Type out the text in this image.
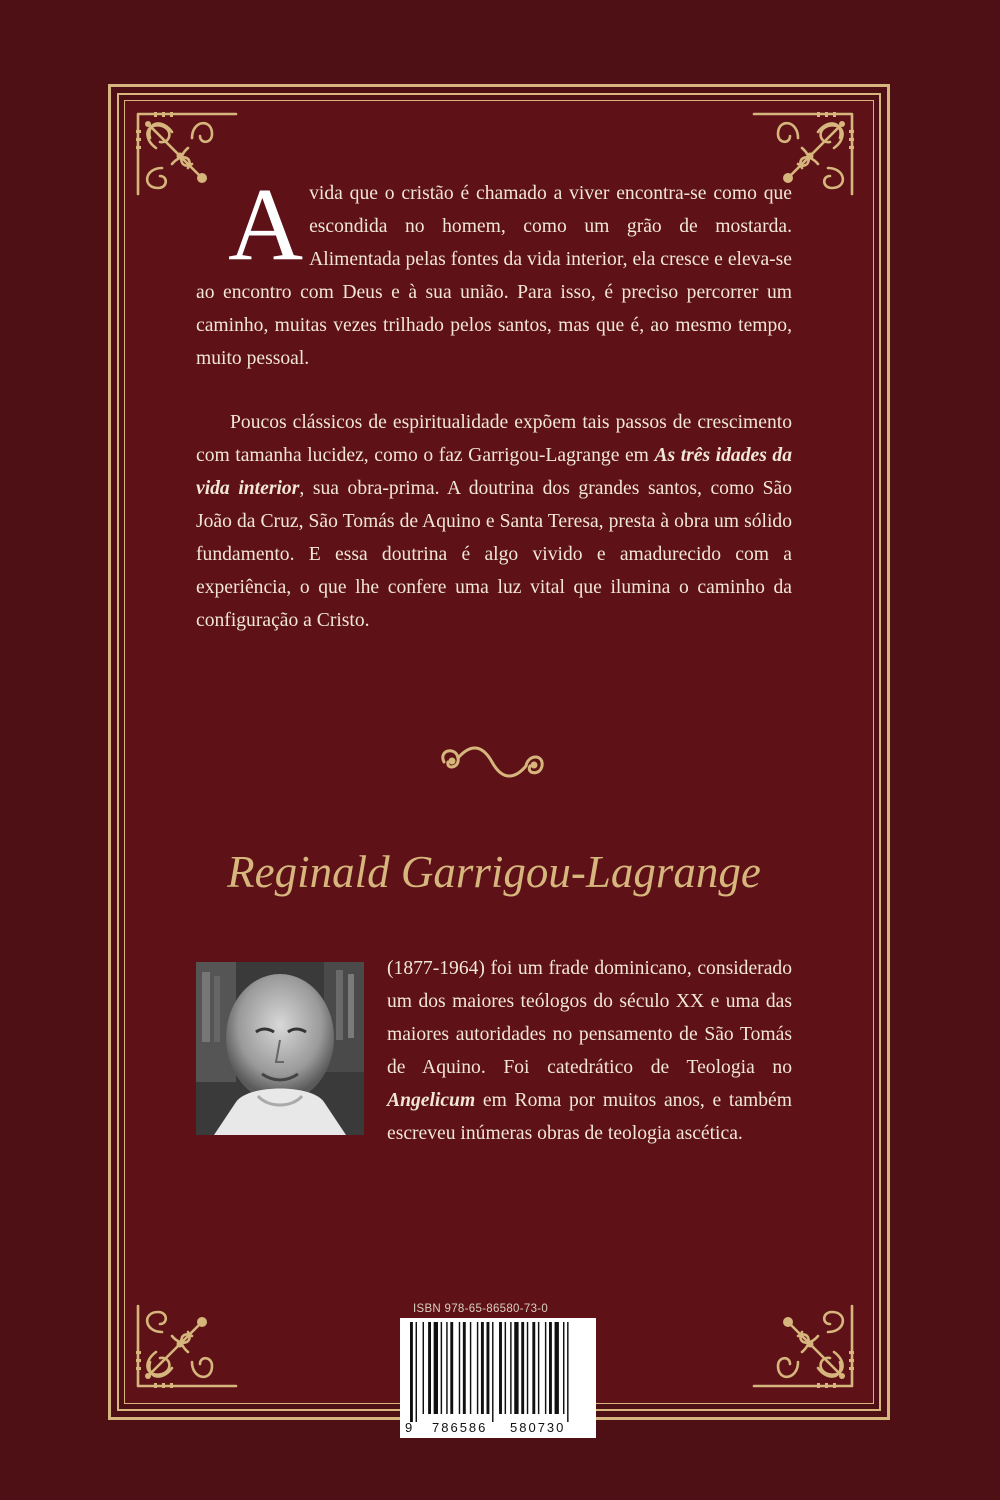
Avida que o cristão é chamado a viver encontra-se como que escondida no homem, como um grão de mostarda. Alimentada pelas fontes da vida interior, ela cresce e eleva-se ao encontro com Deus e à sua união. Para isso, é preciso percorrer um caminho, muitas vezes trilhado pelos santos, mas que é, ao mesmo tempo, muito pessoal.
Poucos clássicos de espiritualidade expõem tais passos de crescimento com tamanha lucidez, como o faz Garrigou-Lagrange em As três idades da vida interior, sua obra-prima. A doutrina dos grandes santos, como São João da Cruz, São Tomás de Aquino e Santa Teresa, presta à obra um sólido fundamento. E essa doutrina é algo vivido e amadurecido com a experiência, o que lhe confere uma luz vital que ilumina o caminho da configuração a Cristo.
Reginald Garrigou-Lagrange
(1877-1964) foi um frade dominicano, considerado um dos maiores teólogos do século XX e uma das maiores autoridades no pensamento de São Tomás de Aquino. Foi catedrático de Teologia no Angelicum em Roma por muitos anos, e também escreveu inúmeras obras de teologia ascética.
ISBN 978-65-86580-73-0
9 786586 580730
